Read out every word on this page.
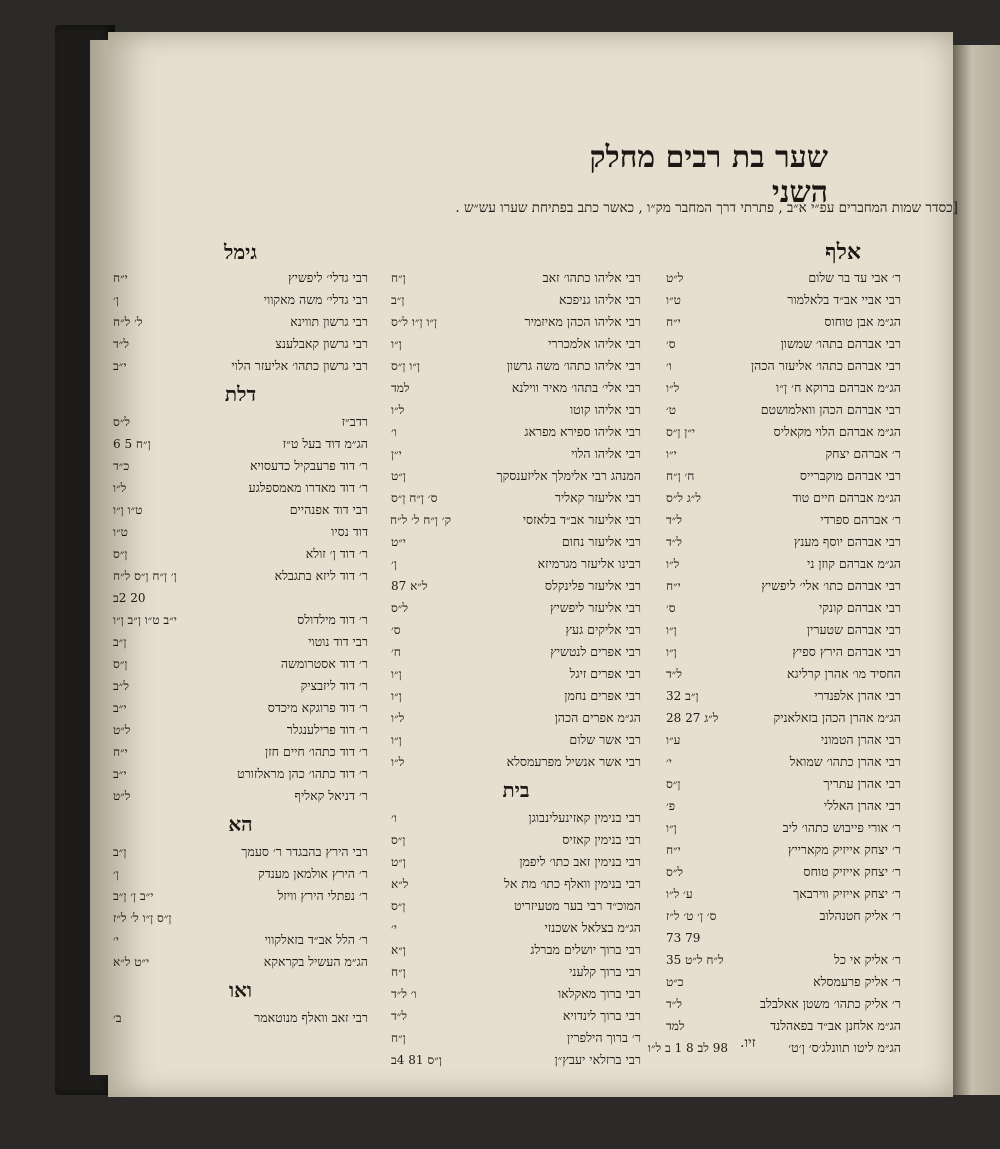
שער בת רבים מחלק השני
[כסדר שמות המחברים עפ״י א״ב , פתרתי דרך המחבר מק״ו , כאשר כתב בפתיחת שערו עש״ש .
אלף
ר׳ אבי עד בר שלום
ל״ט
רבי אביי אב״ד בלאלמור
ט״ו
הג״מ אבן טוחוס
י״ח
רבי אברהם בתהו׳ שמשון
ס׳
רבי אברהם כתהו׳ אליעזר הכהן
ו׳
הג״מ אברהם ברוקא ח׳ ן״ו
ל״ו
רבי אברהם הכהן וואלמושטם
ט׳
הג״מ אברהם הלוי מקאליס
י״ן ן״ס
ר׳ אברהם יצחק
י״ו
רבי אברהם מוקברייס
ח׳ ן״ח
הג״מ אברהם חיים טוד
ל״ג ל״ס
ר׳ אברהם ספרדי
ל״ד
רבי אברהם יוסף מענץ
ל״ד
הג״מ אברהם קוזן ני
ל״ו
רבי אברהם כתו׳ אלי׳ ליפשיץ
י״ח
רבי אברהם קונקי
ס׳
רבי אברהם שטערין
ן״ו
רבי אברהם הירץ ספיץ
ן״ו
החסיד מו׳ אהרן קרליגא
ל״ד
רבי אהרן אלפנדרי
ן״ב 32
הג״מ אהרן הכהן בזאלאניק
ל״ג 27 28
רבי אהרן הטמוני
ע״ו
רבי אהרן כתהו׳ שמואל
י׳
רבי אהרן עתריך
ן״ס
רבי אהרן האללי
פ׳
ר׳ אורי פייבוש כתהו׳ ליב
ן״ו
ר׳ יצחק אייזיק מקארייץ
י״ח
ר׳ יצחק אייזיק טוחס
ל״ס
ר׳ יצחק אייזיק ווירבאך
ע׳ ל״ו
ר׳ אליק חטנהלוב
ס׳ ן׳ ט׳ ל״ז
79 73
ר׳ אליק אי כל
ל״ח ל״ט 35
ר׳ אליק פרעמסלא
כ״ט
ר׳ אליק כתהו׳ משטן אאלבלב
ל״ד
הג״מ אלחנן אב״ד בפאהלנד
למד
הג״מ ליטו תוונלג׳ס׳ ן׳ט׳
98 לב 8 1 ב ל״ו
רבי אליהו כתהו׳ זאב
ן״ח
רבי אליהו גניפכא
ן״ב
רבי אליהו הכהן מאיזמיר
ן״ו ן״ו ל״ס
רבי אליהו אלמכררי
ן״ו
רבי אליהו כתהו׳ משה גרשון
ן״ו ן״ס
רבי אלי׳ בתהו׳ מאיר ווילנא
למד
רבי אליהו קוטו
ל״ו
רבי אליהו ספירא מפראג
ו׳
רבי אליהו הלוי
י״ן
המנהג רבי אלימלך אליזענסקך
ן״ט
רבי אליעזר קאליר
ס׳ ן״ח ן״ס
רבי אליעזר אב״ד בלאזסי
ק׳ ן״ח ל׳ ל״ח
רבי אליעזר נחום
י״ט
רבינו אליעזר מגרמיזא
ן׳
רבי אליעזר פלינקלס
ל״א 87
רבי אליעזר ליפשיץ
ל״ס
רבי אליקים געץ
ס׳
רבי אפרים לנטשיץ
ח׳
רבי אפרים זיגל
ן״ו
רבי אפרים נחמן
ן״ו
הג״מ אפרים הכהן
ל״ו
רבי אשר שלום
ן״ו
רבי אשר אנשיל מפרעמסלא
ל״ו
בית
רבי בנימין קאזינעלינבוגן
ו׳
רבי בנימין קאזיס
ן״ס
רבי בנימין זאב כתו׳ ליפמן
ן״ט
רבי בנימין וואלף כתו׳ מת אל
ל״א
המוכ״ד רבי בער מטעיזריט
ן״ס
הג״מ בצלאל אשכנזי
י׳
רבי ברוך יושלים מברלג
ן״א
רבי ברוך קלעני
ן״ח
רבי ברוך מאקלאו
ו׳ ל״ד
רבי ברוך לינדויא
ל״ד
ר׳ ברוך הילפרין
ן״ח
רבי ברזלאי יעבץ״ן
ן״ס 81 4ב
גימל
רבי גדלי׳ ליפשיץ
י״ח
רבי גדלי׳ משה מאקווי
ן׳
רבי גרשון תווינא
ל׳ ל״ח
רבי גרשון קאבלענצ
ל״ד
רבי גרשון כתהו׳ אליעזר הלוי
י״ב
דלת
רדב״ז
ל״ס
הג״מ דוד בעל ט״ז
ן״ח 5 6
ר׳ דוד פרעבקיל כדעסויא
כ״ד
ר׳ דוד מאדרו מאמספלגע
ל״ו
רבי דוד אפנהיים
ט״ו ן״ו
דוד נסיו
ט״ו
ר׳ דוד ן׳ זולא
ן״ס
ר׳ דוד ליזא בתגבלא
ן׳ ן״ח ן״ס ל״ח
20 2ב
ר׳ דוד מילדולס
י״ב ט״ו ן״ב ן״ו
רבי דוד נוטוי
ן״ב
ר׳ דוד אסטרומשה
ן״ס
ר׳ דוד ליזבציק
ל״ב
ר׳ דוד פרוגקא מיכדס
י״ב
ר׳ דוד פרילענגלר
ל״ט
ר׳ דוד כתהו׳ חיים חזן
י״ח
ר׳ דוד כתהו׳ כהן מראלזורט
י״ב
ר׳ דניאל קאליף
ל״ט
הא
רבי הירץ בהבגדר ר׳ סעמך
ן״ב
ר׳ הירץ אולמאן מענדק
ן׳
ר׳ נפתלי הירץ וויזל
י״ב ן׳ ן״ב
ן״ס ן״ו ל׳ ל״ז
ר׳ הלל אב״ד בזאלקווי
י׳
הג״מ העשיל בקראקא
י״ט ל״א
ואו
רבי זאב וואלף מנוטאמר
ב׳
זיו.
